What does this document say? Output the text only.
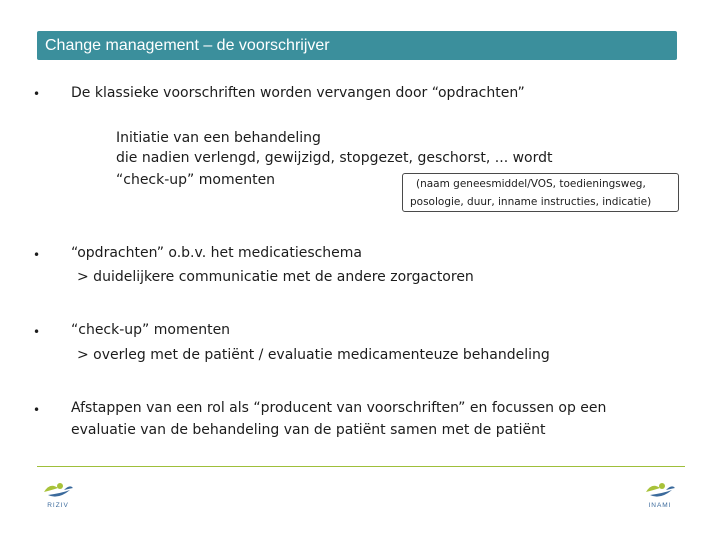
Change management – de voorschrijver
• De klassieke voorschriften worden vervangen door “opdrachten”
Initiatie van een behandeling
die nadien verlengd, gewijzigd, stopgezet, geschorst, ... wordt
“check-up” momenten	(naam geneesmiddel/VOS, toedieningsweg,
posologie, duur, inname instructies, indicatie)
• “opdrachten” o.b.v. het medicatieschema
> duidelijkere communicatie met de andere zorgactoren
• “check-up” momenten
> overleg met de patiënt / evaluatie medicamenteuze behandeling
• Afstappen van een rol als “producent van voorschriften” en focussen op een
evaluatie van de behandeling van de patiënt samen met de patiënt
RIZIV	INAMI
